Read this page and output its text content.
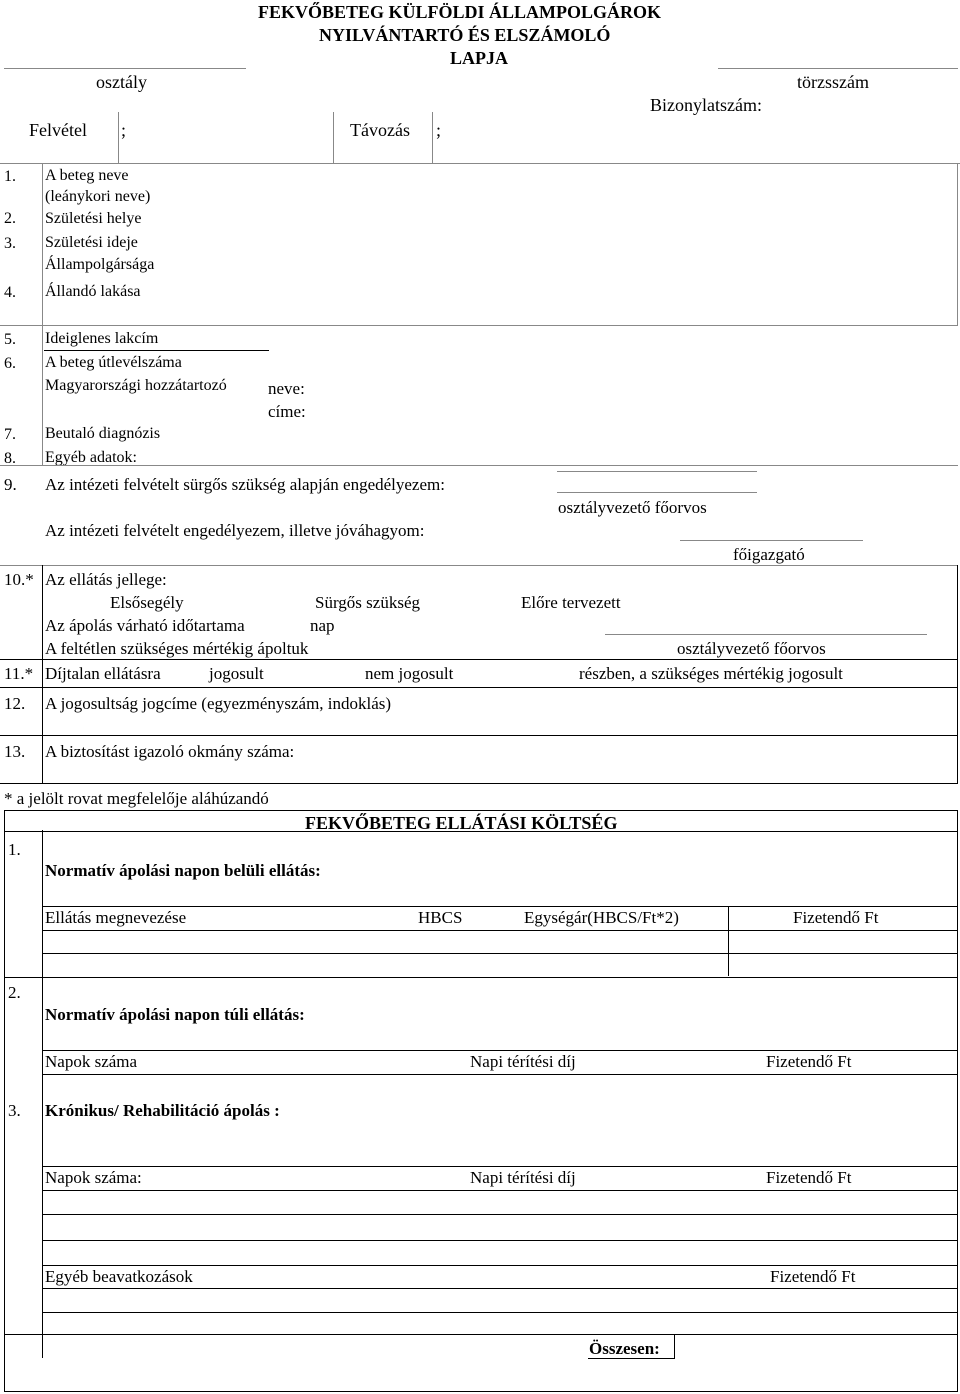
FEKVŐBETEG KÜLFÖLDI ÁLLAMPOLGÁROK
NYILVÁNTARTÓ ÉS ELSZÁMOLÓ
LAPJA
osztály	törzsszám
Bizonylatszám:
Felvétel ;	Távozás ;
1. A beteg neve
(leánykori neve)
2. Születési helye
3. Születési ideje
Állampolgársága
4. Állandó lakása
5. Ideiglenes lakcím
6. A beteg útlevélszáma
Magyarországi hozzátartozó neve:
címe:
7. Beutaló diagnózis
8. Egyéb adatok:
9. Az intézeti felvételt sürgős szükség alapján engedélyezem:
osztályvezető főorvos
Az intézeti felvételt engedélyezem, illetve jóváhagyom:
főigazgató
10.* Az ellátás jellege:
Elsősegély	Sürgős szükség	Előre tervezett
Az ápolás várható időtartama	nap
A feltétlen szükséges mértékig ápoltuk	osztályvezető főorvos
11.* Díjtalan ellátásra	jogosult	nem jogosult	részben, a szükséges mértékig jogosult
12. A jogosultság jogcíme (egyezményszám, indoklás)
13. A biztosítást igazoló okmány száma:
* a jelölt rovat megfelelője aláhúzandó
FEKVŐBETEG ELLÁTÁSI KÖLTSÉG
1.
Normatív ápolási napon belüli ellátás:
Ellátás megnevezése	HBCS	Egységár(HBCS/Ft*2)	Fizetendő Ft
2.
Normatív ápolási napon túli ellátás:
Napok száma	Napi térítési díj	Fizetendő Ft
3. Krónikus/ Rehabilitáció ápolás :
Napok száma:	Napi térítési díj	Fizetendő Ft
Egyéb beavatkozások	Fizetendő Ft
Összesen:
